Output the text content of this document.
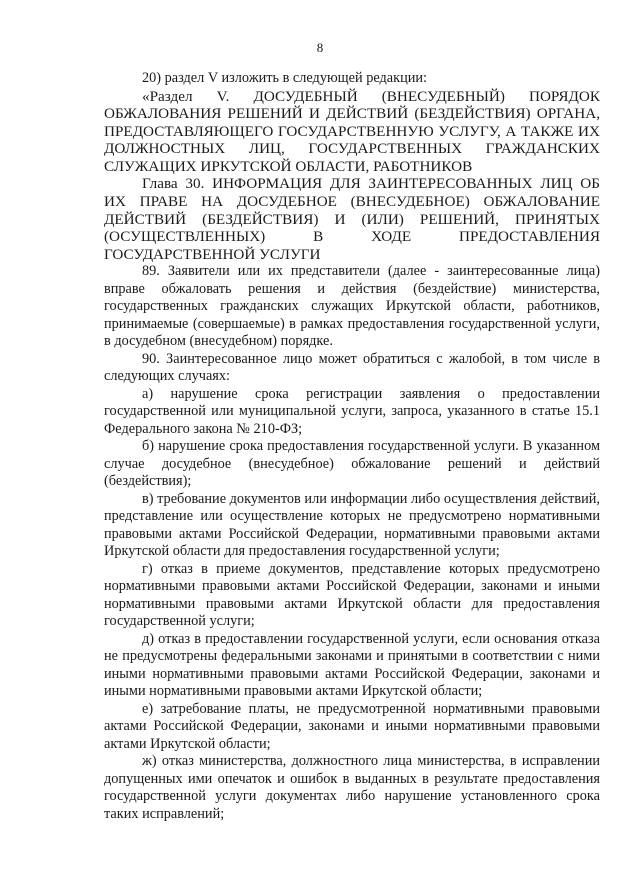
8

20) раздел V изложить в следующей редакции:

«Раздел V. ДОСУДЕБНЫЙ (ВНЕСУДЕБНЫЙ) ПОРЯДОК ОБЖАЛОВАНИЯ РЕШЕНИЙ И ДЕЙСТВИЙ (БЕЗДЕЙСТВИЯ) ОРГАНА, ПРЕДОСТАВЛЯЮЩЕГО ГОСУДАРСТВЕННУЮ УСЛУГУ, А ТАКЖЕ ИХ ДОЛЖНОСТНЫХ ЛИЦ, ГОСУДАРСТВЕННЫХ ГРАЖДАНСКИХ СЛУЖАЩИХ ИРКУТСКОЙ ОБЛАСТИ, РАБОТНИКОВ

Глава 30. ИНФОРМАЦИЯ ДЛЯ ЗАИНТЕРЕСОВАННЫХ ЛИЦ ОБ ИХ ПРАВЕ НА ДОСУДЕБНОЕ (ВНЕСУДЕБНОЕ) ОБЖАЛОВАНИЕ ДЕЙСТВИЙ (БЕЗДЕЙСТВИЯ) И (ИЛИ) РЕШЕНИЙ, ПРИНЯТЫХ (ОСУЩЕСТВЛЕННЫХ) В ХОДЕ ПРЕДОСТАВЛЕНИЯ ГОСУДАРСТВЕННОЙ УСЛУГИ

89. Заявители или их представители (далее - заинтересованные лица) вправе обжаловать решения и действия (бездействие) министерства, государственных гражданских служащих Иркутской области, работников, принимаемые (совершаемые) в рамках предоставления государственной услуги, в досудебном (внесудебном) порядке.

90. Заинтересованное лицо может обратиться с жалобой, в том числе в следующих случаях:

а) нарушение срока регистрации заявления о предоставлении государственной или муниципальной услуги, запроса, указанного в статье 15.1 Федерального закона № 210-ФЗ;

б) нарушение срока предоставления государственной услуги. В указанном случае досудебное (внесудебное) обжалование решений и действий (бездействия);

в) требование документов или информации либо осуществления действий, представление или осуществление которых не предусмотрено нормативными правовыми актами Российской Федерации, нормативными правовыми актами Иркутской области для предоставления государственной услуги;

г) отказ в приеме документов, представление которых предусмотрено нормативными правовыми актами Российской Федерации, законами и иными нормативными правовыми актами Иркутской области для предоставления государственной услуги;

д) отказ в предоставлении государственной услуги, если основания отказа не предусмотрены федеральными законами и принятыми в соответствии с ними иными нормативными правовыми актами Российской Федерации, законами и иными нормативными правовыми актами Иркутской области;

е) затребование платы, не предусмотренной нормативными правовыми актами Российской Федерации, законами и иными нормативными правовыми актами Иркутской области;

ж) отказ министерства, должностного лица министерства, в исправлении допущенных ими опечаток и ошибок в выданных в результате предоставления государственной услуги документах либо нарушение установленного срока таких исправлений;
